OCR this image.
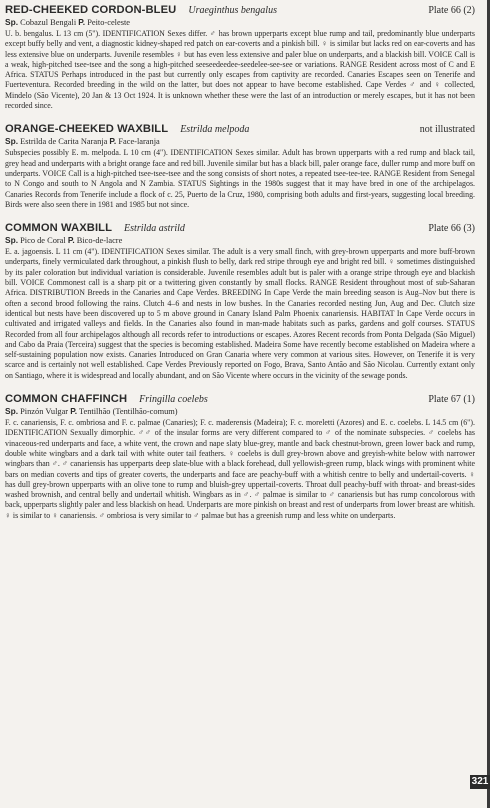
RED-CHEEKED CORDON-BLEU Uraeginthus bengalus	Plate 66 (2)
Sp. Cobazul Bengali P. Peito-celeste

U. b. bengalus. L 13 cm (5"). IDENTIFICATION Sexes differ. ♂ has brown upperparts except blue rump and tail, predominantly blue underparts except buffy belly and vent, a diagnostic kidney-shaped red patch on ear-coverts and a pinkish bill. ♀ is similar but lacks red on ear-coverts and has less extensive blue on underparts. Juvenile resembles ♀ but has even less extensive and paler blue on underparts, and a blackish bill. VOICE Call is a weak, high-pitched tsee-tsee and the song a high-pitched seeseedeedee-seedelee-see-see or variations. RANGE Resident across most of C and E Africa. STATUS Perhaps introduced in the past but currently only escapes from captivity are recorded. Canaries Escapes seen on Tenerife and Fuerteventura. Recorded breeding in the wild on the latter, but does not appear to have become established. Cape Verdes ♂ and ♀ collected, Mindelo (São Vicente), 20 Jan & 13 Oct 1924. It is unknown whether these were the last of an introduction or merely escapes, but it has not been recorded since.

ORANGE-CHEEKED WAXBILL Estrilda melpoda	not illustrated
Sp. Estrilda de Carita Naranja P. Face-laranja

Subspecies possibly E. m. melpoda. L 10 cm (4"). IDENTIFICATION Sexes similar. Adult has brown upperparts with a red rump and black tail, grey head and underparts with a bright orange face and red bill. Juvenile similar but has a black bill, paler orange face, duller rump and more buff on underparts. VOICE Call is a high-pitched tsee-tsee-tsee and the song consists of short notes, a repeated tsee-tee-tee. RANGE Resident from Senegal to N Congo and south to N Angola and N Zambia. STATUS Sightings in the 1980s suggest that it may have bred in one of the archipelagos. Canaries Records from Tenerife include a flock of c. 25, Puerto de la Cruz, 1980, comprising both adults and first-years, suggesting local breeding. Birds were also seen there in 1981 and 1985 but not since.

COMMON WAXBILL Estrilda astrild	Plate 66 (3)
Sp. Pico de Coral P. Bico-de-lacre

E. a. jagoensis. L 11 cm (4"). IDENTIFICATION Sexes similar. The adult is a very small finch, with grey-brown upperparts and more buff-brown underparts, finely vermiculated dark throughout, a pinkish flush to belly, dark red stripe through eye and bright red bill. ♀ sometimes distinguished by its paler coloration but individual variation is considerable. Juvenile resembles adult but is paler with a orange stripe through eye and blackish bill. VOICE Commonest call is a sharp pit or a twittering given constantly by small flocks. RANGE Resident throughout most of sub-Saharan Africa. DISTRIBUTION Breeds in the Canaries and Cape Verdes. BREEDING In Cape Verde the main breeding season is Aug–Nov but there is often a second brood following the rains. Clutch 4–6 and nests in low bushes. In the Canaries recorded nesting Jun, Aug and Dec. Clutch size identical but nests have been discovered up to 5 m above ground in Canary Island Palm Phoenix canariensis. HABITAT In Cape Verde occurs in cultivated and irrigated valleys and fields. In the Canaries also found in man-made habitats such as parks, gardens and golf courses. STATUS Recorded from all four archipelagos although all records refer to introductions or escapes. Azores Recent records from Ponta Delgada (São Miguel) and Cabo da Praia (Terceira) suggest that the species is becoming established. Madeira Some have recently become established on Madeira where a self-sustaining population now exists. Canaries Introduced on Gran Canaria where very common at various sites. However, on Tenerife it is very scarce and is certainly not well established. Cape Verdes Previously reported on Fogo, Brava, Santo Antão and São Nicolau. Currently extant only on Santiago, where it is widespread and locally abundant, and on São Vicente where occurs in the vicinity of the sewage ponds.

COMMON CHAFFINCH Fringilla coelebs	Plate 67 (1)
Sp. Pinzón Vulgar P. Tentilhão (Tentilhão-comum)

F. c. canariensis, F. c. ombriosa and F. c. palmae (Canaries); F. c. maderensis (Madeira); F. c. moreletti (Azores) and E. c. coelebs. L 14.5 cm (6"). IDENTIFICATION Sexually dimorphic. ♂♂ of the insular forms are very different compared to ♂ of the nominate subspecies. ♂ coelebs has vinaceous-red underparts and face, a white vent, the crown and nape slaty blue-grey, mantle and back chestnut-brown, green lower back and rump, double white wingbars and a dark tail with white outer tail feathers. ♀ coelebs is dull grey-brown above and greyish-white below with narrower wingbars than ♂. ♂ canariensis has upperparts deep slate-blue with a black forehead, dull yellowish-green rump, black wings with prominent white bars on median coverts and tips of greater coverts, the underparts and face are peachy-buff with a whitish centre to belly and undertail-coverts. ♀ has dull grey-brown upperparts with an olive tone to rump and bluish-grey uppertail-coverts. Throat dull peachy-buff with throat- and breast-sides washed brownish, and central belly and undertail whitish. Wingbars as in ♂. ♂ palmae is similar to ♂ canariensis but has rump concolorous with back, upperparts slightly paler and less blackish on head. Underparts are more pinkish on breast and rest of underparts from lower breast are whitish. ♀ is similar to ♀ canariensis. ♂ ombriosa is very similar to ♂ palmae but has a greenish rump and less white on underparts.

321
